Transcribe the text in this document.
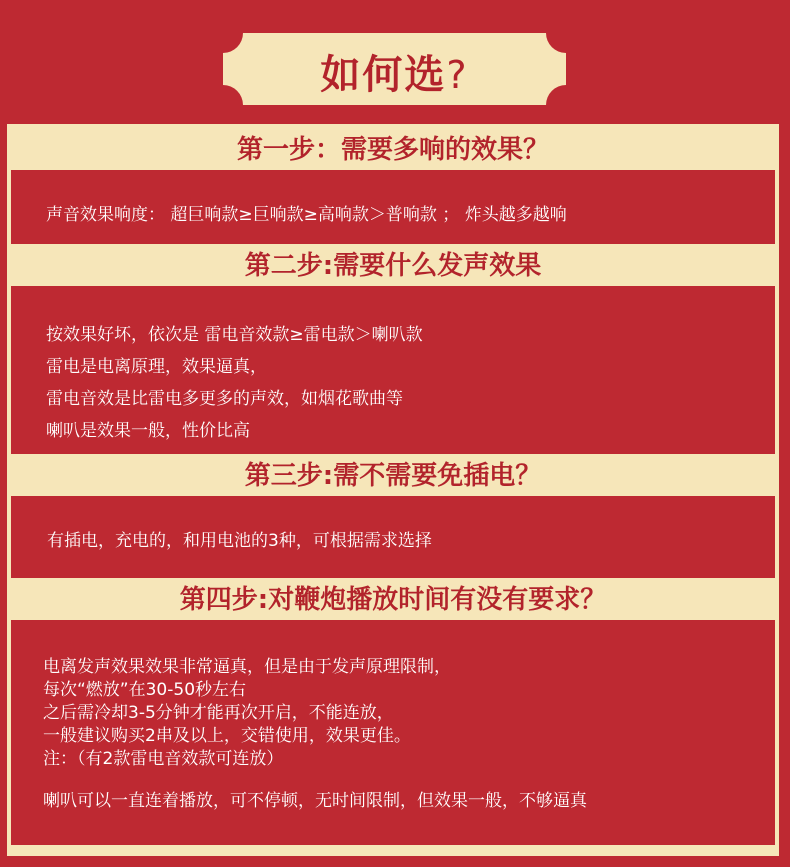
如何选?
第一步：需要多响的效果？
声音效果响度： 超巨响款≥巨响款≥高响款＞普响款 ； 炸头越多越响
第二步:需要什么发声效果
按效果好坏，依次是 雷电音效款≥雷电款＞喇叭款
雷电是电离原理，效果逼真，
雷电音效是比雷电多更多的声效，如烟花歌曲等
喇叭是效果一般，性价比高
第三步:需不需要免插电？
有插电，充电的，和用电池的3种，可根据需求选择
第四步:对鞭炮播放时间有没有要求？
电离发声效果效果非常逼真，但是由于发声原理限制，
每次“燃放”在30-50秒左右
之后需冷却3-5分钟才能再次开启，不能连放，
一般建议购买2串及以上，交错使用，效果更佳。
注：（有2款雷电音效款可连放）
喇叭可以一直连着播放，可不停顿，无时间限制，但效果一般，不够逼真
